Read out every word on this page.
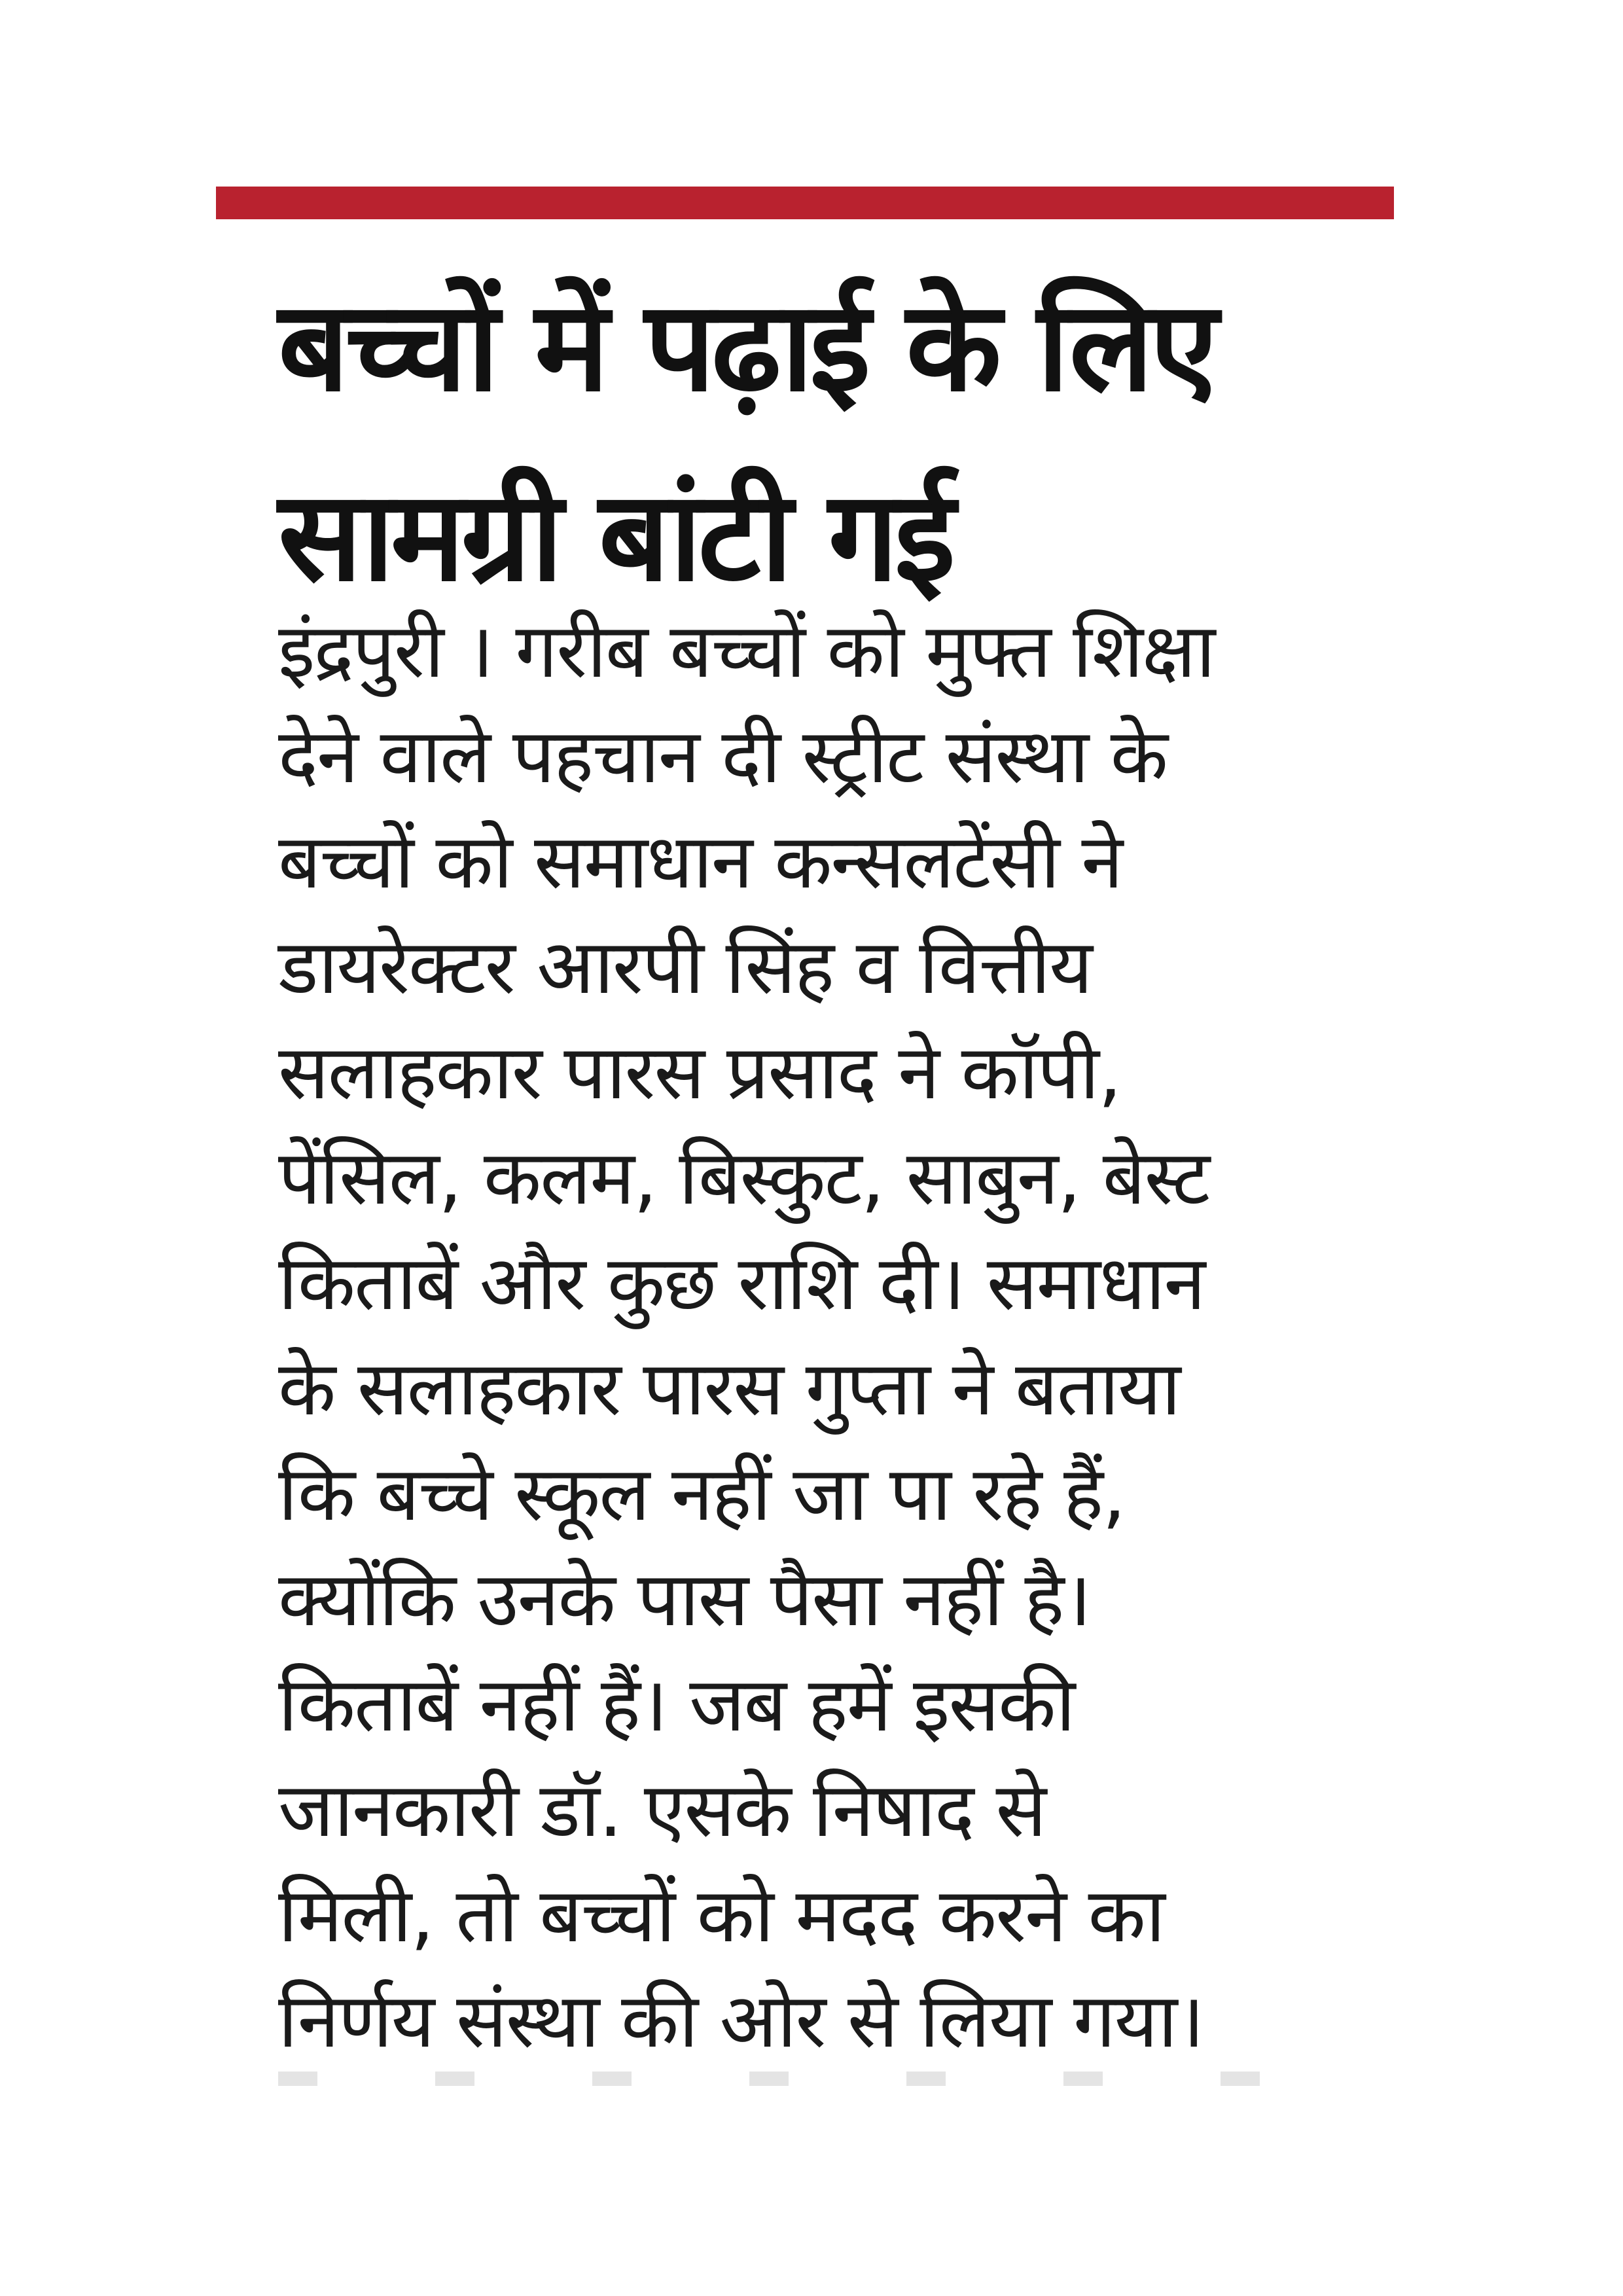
बच्चों में पढ़ाई के लिए सामग्री बांटी गई
इंद्रपुरी । गरीब बच्चों को मुफ्त शिक्षा
देने वाले पहचान दी स्ट्रीट संस्था के
बच्चों को समाधान कन्सलटेंसी ने
डायरेक्टर आरपी सिंह व वित्तीय
सलाहकार पारस प्रसाद ने कॉपी,
पेंसिल, कलम, बिस्कुट, साबुन, बेस्ट
किताबें और कुछ राशि दी। समाधान
के सलाहकार पारस गुप्ता ने बताया
कि बच्चे स्कूल नहीं जा पा रहे हैं,
क्योंकि उनके पास पैसा नहीं है।
किताबें नहीं हैं। जब हमें इसकी
जानकारी डॉ. एसके निषाद से
मिली, तो बच्चों को मदद करने का
निर्णय संस्था की ओर से लिया गया।
